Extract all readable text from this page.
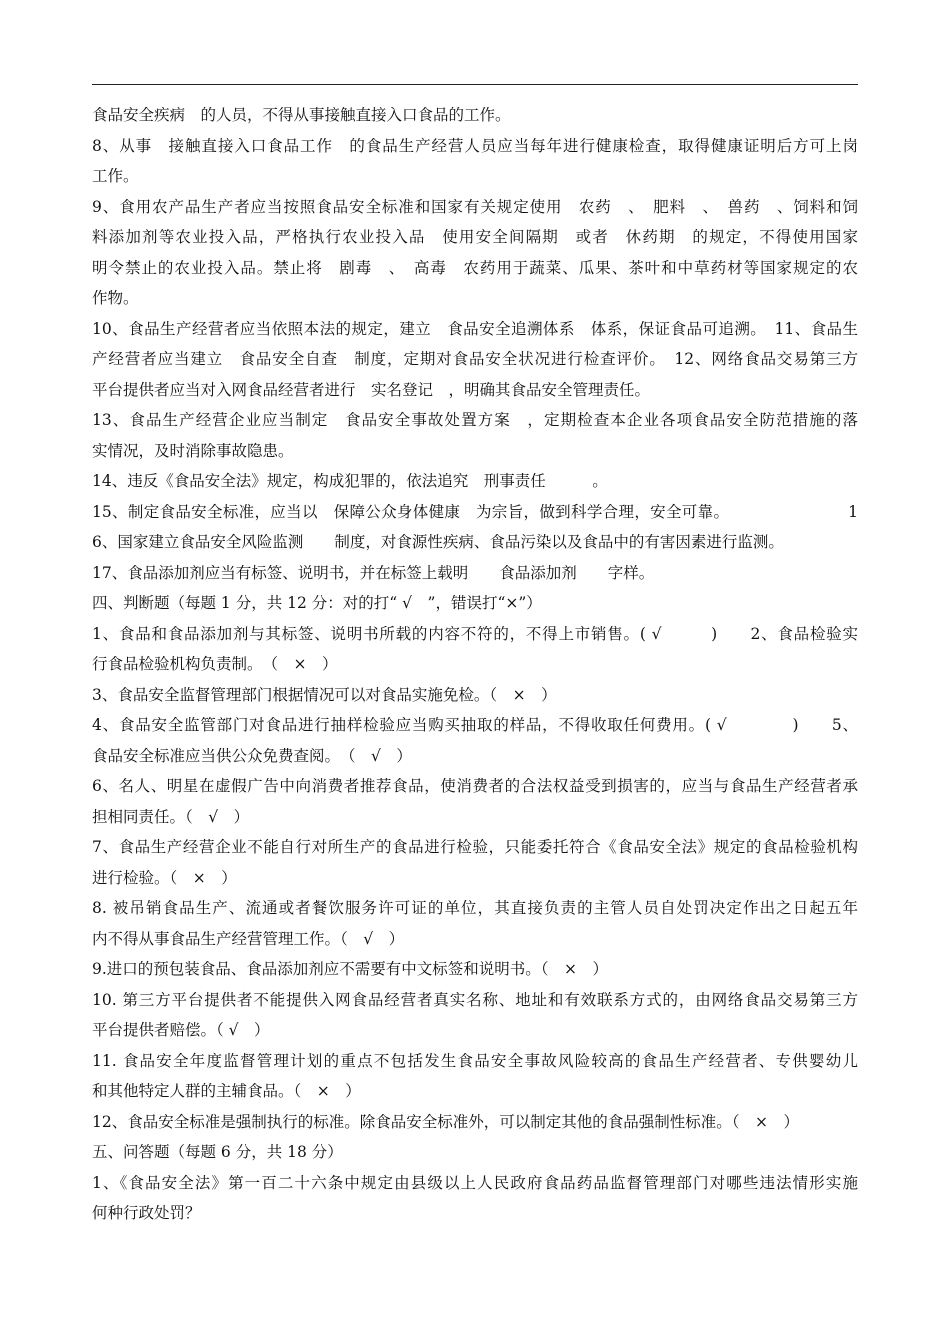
食品安全疾病　的人员，不得从事接触直接入口食品的工作。
8、从事　接触直接入口食品工作　的食品生产经营人员应当每年进行健康检查，取得健康证明后方可上岗
工作。
9、食用农产品生产者应当按照食品安全标准和国家有关规定使用　农药　、　肥料　、　兽药　、饲料和饲
料添加剂等农业投入品，严格执行农业投入品　使用安全间隔期　或者　休药期　的规定，不得使用国家
明令禁止的农业投入品。禁止将　剧毒　、　高毒　农药用于蔬菜、瓜果、茶叶和中草药材等国家规定的农
作物。
10、食品生产经营者应当依照本法的规定，建立　食品安全追溯体系　体系，保证食品可追溯。　11、食品生
产经营者应当建立　食品安全自查　制度，定期对食品安全状况进行检查评价。　12、网络食品交易第三方
平台提供者应当对入网食品经营者进行　实名登记　，明确其食品安全管理责任。
13、食品生产经营企业应当制定　食品安全事故处置方案　，定期检查本企业各项食品安全防范措施的落
实情况，及时消除事故隐患。
14、违反《食品安全法》规定，构成犯罪的，依法追究　刑事责任　　　。
15、制定食品安全标准，应当以　保障公众身体健康　为宗旨，做到科学合理，安全可靠。　　　　　　　　1
6、国家建立食品安全风险监测　　制度，对食源性疾病、食品污染以及食品中的有害因素进行监测。
17、食品添加剂应当有标签、说明书，并在标签上载明　　食品添加剂　　字样。
四、判断题（每题 1 分，共 12 分：对的打“ √　”，错误打“×”）
1、食品和食品添加剂与其标签、说明书所载的内容不符的，不得上市销售。( √　　　)　　2、食品检验实
行食品检验机构负责制。　（　×　）
3、食品安全监督管理部门根据情况可以对食品实施免检。（　×　）
4、食品安全监管部门对食品进行抽样检验应当购买抽取的样品，不得收取任何费用。( √　　　　)　　5、
食品安全标准应当供公众免费查阅。　（　√　）
6、名人、明星在虚假广告中向消费者推荐食品，使消费者的合法权益受到损害的，应当与食品生产经营者承
担相同责任。（　√　）
7、食品生产经营企业不能自行对所生产的食品进行检验，只能委托符合《食品安全法》规定的食品检验机构
进行检验。（　×　）
8. 被吊销食品生产、流通或者餐饮服务许可证的单位，其直接负责的主管人员自处罚决定作出之日起五年
内不得从事食品生产经营管理工作。（　√　）
9.进口的预包装食品、食品添加剂应不需要有中文标签和说明书。（　×　）
10. 第三方平台提供者不能提供入网食品经营者真实名称、地址和有效联系方式的，由网络食品交易第三方
平台提供者赔偿。（ √　）
11. 食品安全年度监督管理计划的重点不包括发生食品安全事故风险较高的食品生产经营者、专供婴幼儿
和其他特定人群的主辅食品。（　×　）
12、食品安全标准是强制执行的标准。除食品安全标准外，可以制定其他的食品强制性标准。（　×　）
五、问答题（每题 6 分，共 18 分）
1、《食品安全法》第一百二十六条中规定由县级以上人民政府食品药品监督管理部门对哪些违法情形实施
何种行政处罚？
